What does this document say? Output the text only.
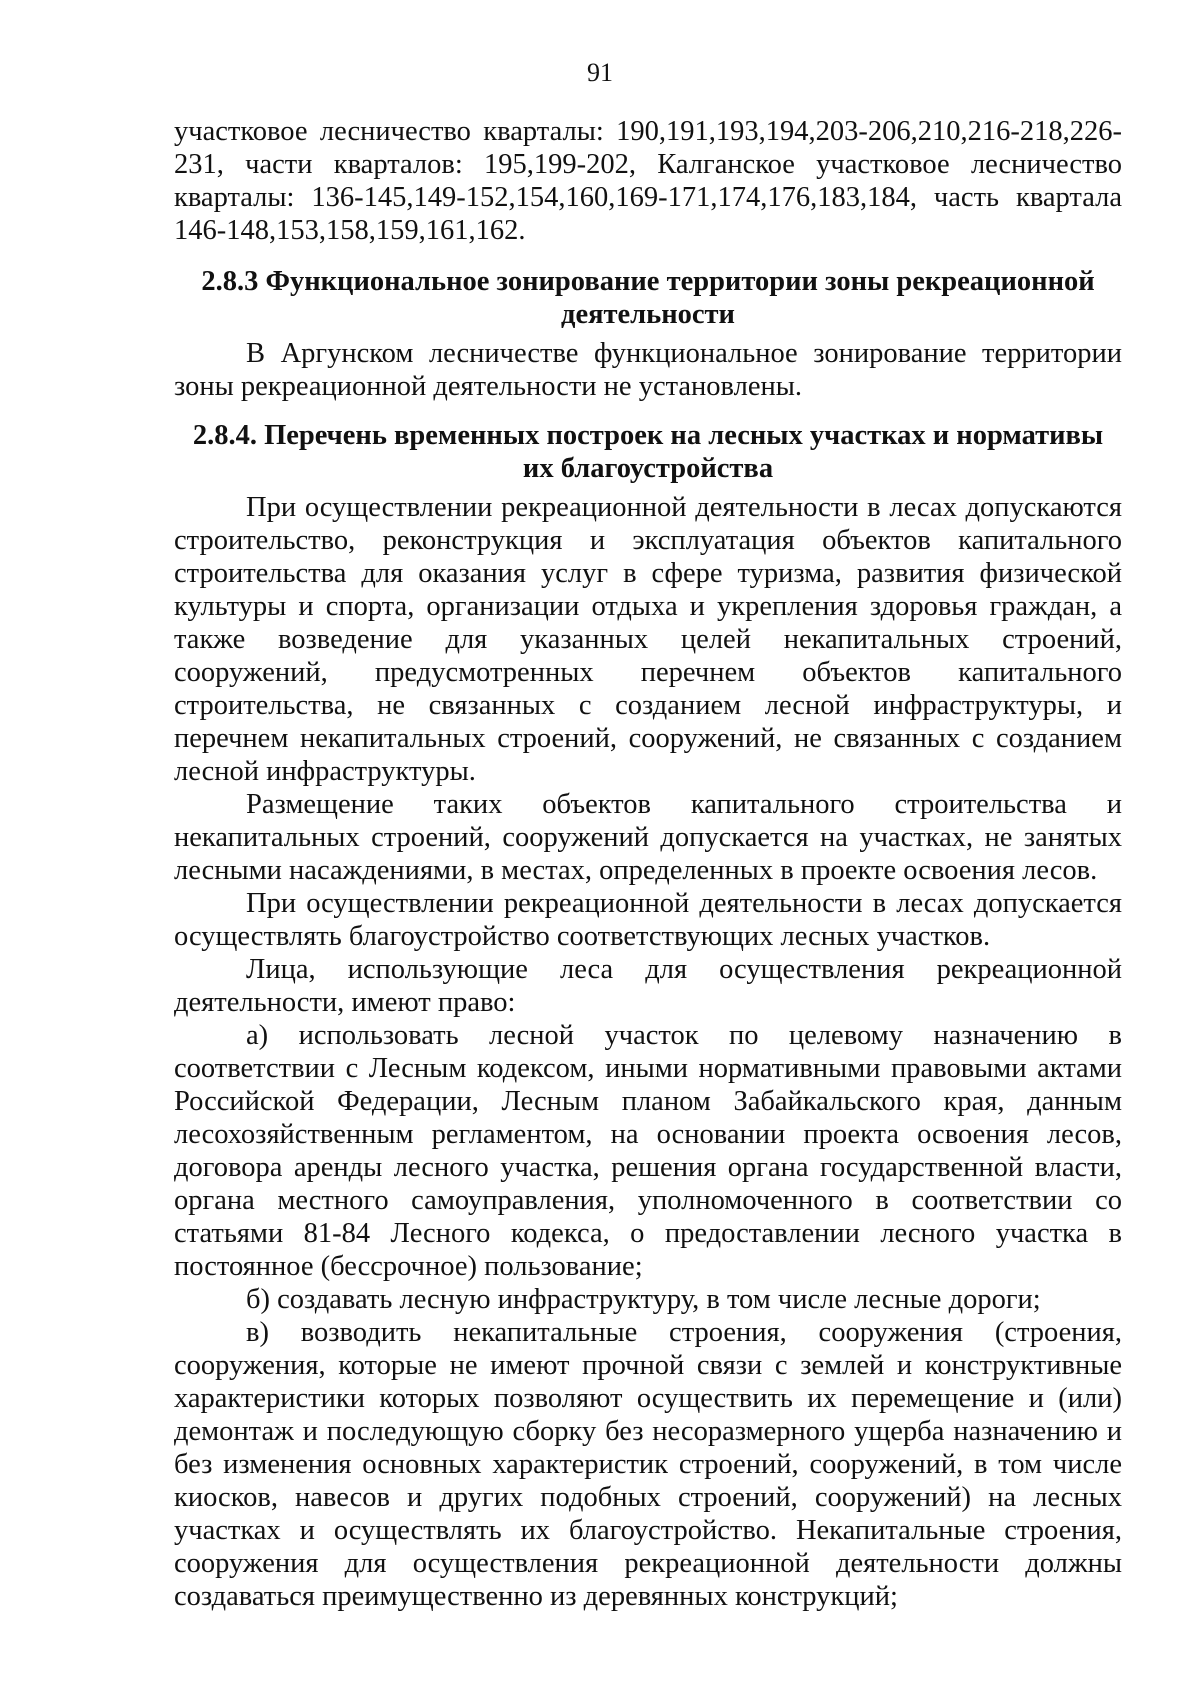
91

участковое лесничество кварталы: 190,191,193,194,203-206,210,216-218,226-231, части кварталов: 195,199-202, Калганское участковое лесничество кварталы: 136-145,149-152,154,160,169-171,174,176,183,184, часть квартала 146-148,153,158,159,161,162.

2.8.3 Функциональное зонирование территории зоны рекреационной деятельности

В Аргунском лесничестве функциональное зонирование территории зоны рекреационной деятельности не установлены.

2.8.4. Перечень временных построек на лесных участках и нормативы их благоустройства

При осуществлении рекреационной деятельности в лесах допускаются строительство, реконструкция и эксплуатация объектов капитального строительства для оказания услуг в сфере туризма, развития физической культуры и спорта, организации отдыха и укрепления здоровья граждан, а также возведение для указанных целей некапитальных строений, сооружений, предусмотренных перечнем объектов капитального строительства, не связанных с созданием лесной инфраструктуры, и перечнем некапитальных строений, сооружений, не связанных с созданием лесной инфраструктуры.

Размещение таких объектов капитального строительства и некапитальных строений, сооружений допускается на участках, не занятых лесными насаждениями, в местах, определенных в проекте освоения лесов.

При осуществлении рекреационной деятельности в лесах допускается осуществлять благоустройство соответствующих лесных участков.

Лица, использующие леса для осуществления рекреационной деятельности, имеют право:

а) использовать лесной участок по целевому назначению в соответствии с Лесным кодексом, иными нормативными правовыми актами Российской Федерации, Лесным планом Забайкальского края, данным лесохозяйственным регламентом, на основании проекта освоения лесов, договора аренды лесного участка, решения органа государственной власти, органа местного самоуправления, уполномоченного в соответствии со статьями 81-84 Лесного кодекса, о предоставлении лесного участка в постоянное (бессрочное) пользование;

б) создавать лесную инфраструктуру, в том числе лесные дороги;

в) возводить некапитальные строения, сооружения (строения, сооружения, которые не имеют прочной связи с землей и конструктивные характеристики которых позволяют осуществить их перемещение и (или) демонтаж и последующую сборку без несоразмерного ущерба назначению и без изменения основных характеристик строений, сооружений, в том числе киосков, навесов и других подобных строений, сооружений) на лесных участках и осуществлять их благоустройство. Некапитальные строения, сооружения для осуществления рекреационной деятельности должны создаваться преимущественно из деревянных конструкций;
